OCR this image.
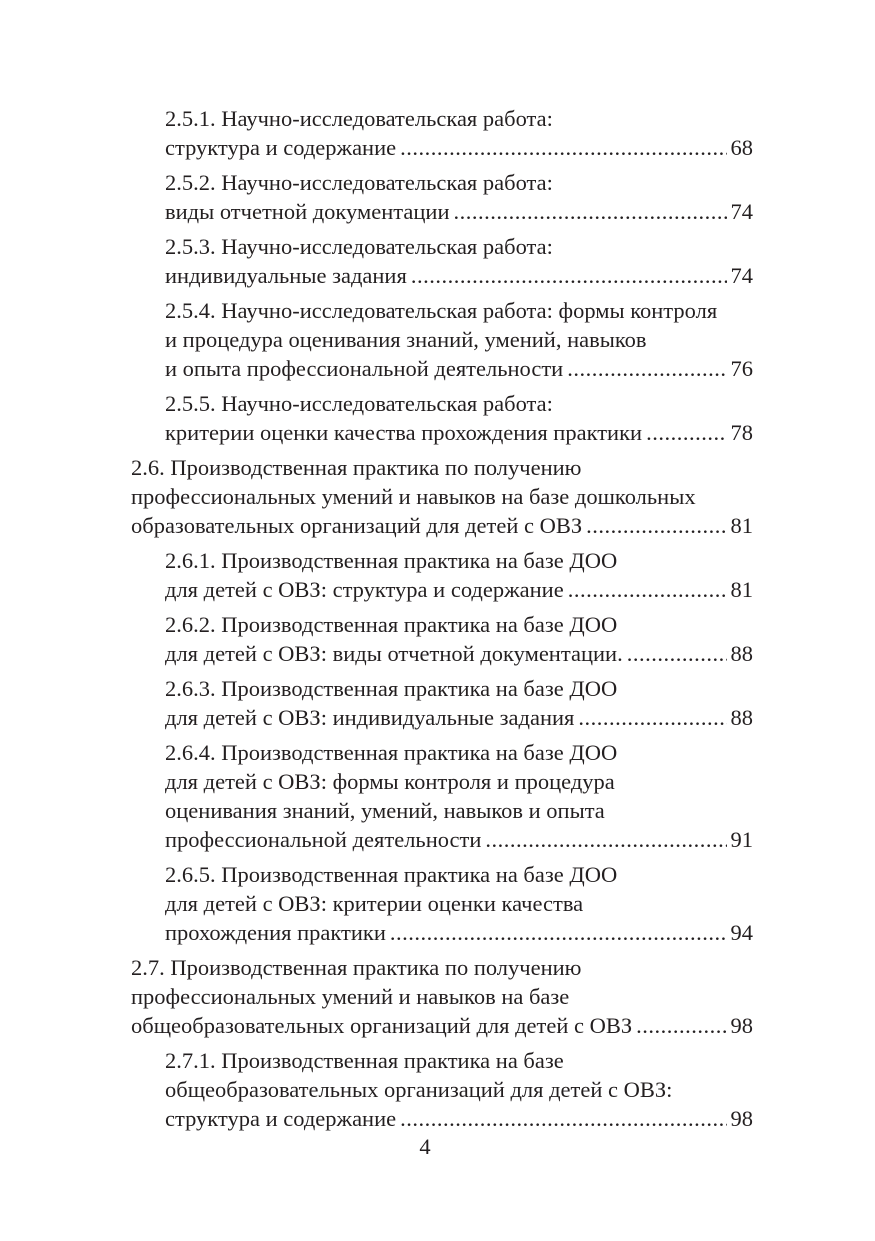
2.5.1. Научно-исследовательская работа:
структура и содержание .....	68
2.5.2. Научно-исследовательская работа:
виды отчетной документации .....	74
2.5.3. Научно-исследовательская работа:
индивидуальные задания .....	74
2.5.4. Научно-исследовательская работа: формы контроля
и процедура оценивания знаний, умений, навыков
и опыта профессиональной деятельности .....	76
2.5.5. Научно-исследовательская работа:
критерии оценки качества прохождения практики .....	78
2.6. Производственная практика по получению
профессиональных умений и навыков на базе дошкольных
образовательных организаций для детей с ОВЗ .....	81
2.6.1. Производственная практика на базе ДОО
для детей с ОВЗ: структура и содержание .....	81
2.6.2. Производственная практика на базе ДОО
для детей с ОВЗ: виды отчетной документации. .....	88
2.6.3. Производственная практика на базе ДОО
для детей с ОВЗ: индивидуальные задания .....	88
2.6.4. Производственная практика на базе ДОО
для детей с ОВЗ: формы контроля и процедура
оценивания знаний, умений, навыков и опыта
профессиональной деятельности .....	91
2.6.5. Производственная практика на базе ДОО
для детей с ОВЗ: критерии оценки качества
прохождения практики .....	94
2.7. Производственная практика по получению
профессиональных умений и навыков на базе
общеобразовательных организаций для детей с ОВЗ .....	98
2.7.1. Производственная практика на базе
общеобразовательных организаций для детей с ОВЗ:
структура и содержание .....	98
4
